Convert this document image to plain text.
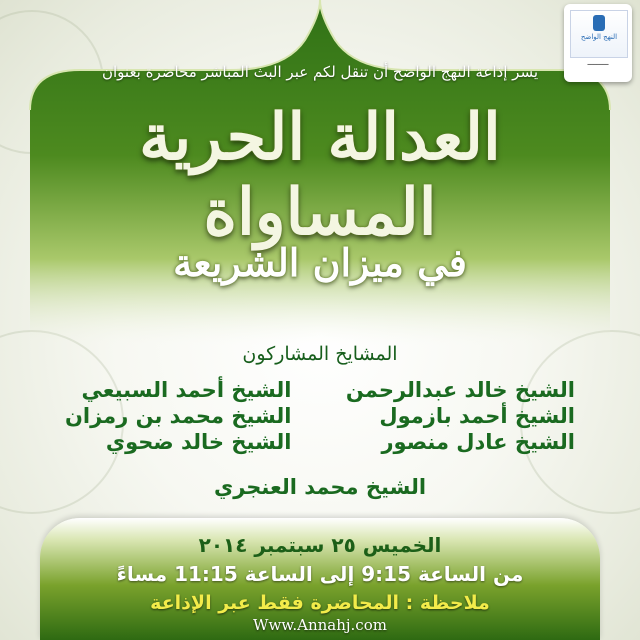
يسر إذاعة النهج الواضح أن تنقل لكم عبر البث المباشر محاضرة بعنوان
العدالة الحرية المساواة
في ميزان الشريعة
المشايخ المشاركون
الشيخ خالد عبدالرحمن
الشيخ أحمد بازمول
الشيخ عادل منصور
الشيخ أحمد السبيعي
الشيخ محمد بن رمزان
الشيخ خالد ضحوي
الشيخ محمد العنجري
الخميس ٢٥ سبتمبر ٢٠١٤
من الساعة 9:15 إلى الساعة 11:15 مساءً
ملاحظة : المحاضرة فقط عبر الإذاعة
Www.Annahj.com
النهج الواضح
━━━━━━━
